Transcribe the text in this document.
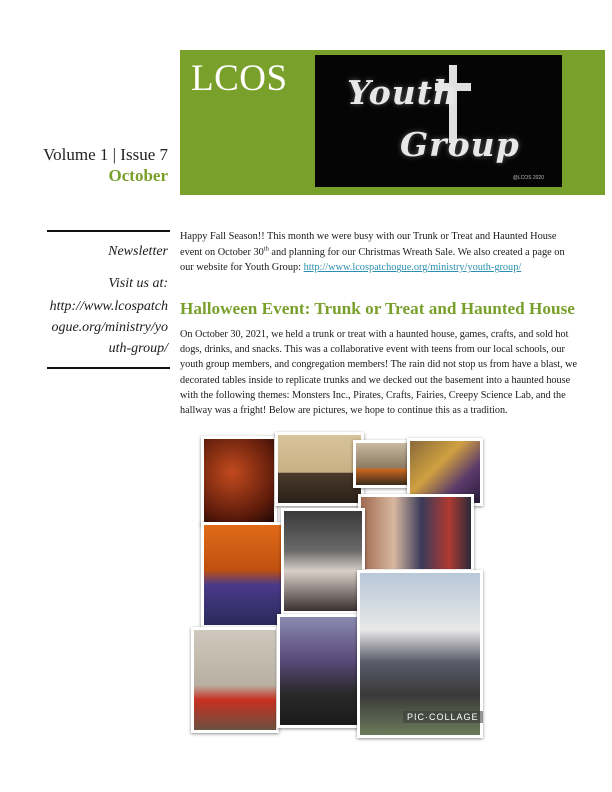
LCOS Youth
Group
@LCOS 2020
Volume 1 | Issue 7
October
Newsletter
Visit us at:
http://www.lcospatchogue.org/ministry/youth-group/
Happy Fall Season!! This month we were busy with our Trunk or Treat and Haunted House event on October 30th and planning for our Christmas Wreath Sale. We also created a page on our website for Youth Group: http://www.lcospatchogue.org/ministry/youth-group/
Halloween Event: Trunk or Treat and Haunted House
On October 30, 2021, we held a trunk or treat with a haunted house, games, crafts, and sold hot dogs, drinks, and snacks. This was a collaborative event with teens from our local schools, our youth group members, and congregation members! The rain did not stop us from have a blast, we decorated tables inside to replicate trunks and we decked out the basement into a haunted house with the following themes: Monsters Inc., Pirates, Crafts, Fairies, Creepy Science Lab, and the hallway was a fright! Below are pictures, we hope to continue this as a tradition.
PIC·COLLAGE
